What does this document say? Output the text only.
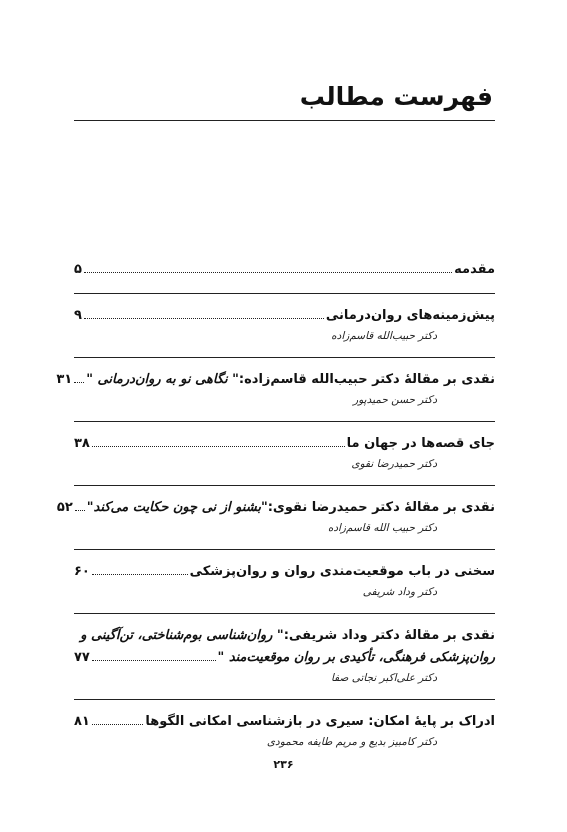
فهرست مطالب
مقدمه
۵
پیش‌زمینه‌های روان‌درمانی
۹
دکتر حبیب‌الله قاسم‌زاده
نقدی بر مقالهٔ دکتر حبیب‌الله قاسم‌زاده:
" نگاهی نو به روان‌درمانی "
۳۱
دکتر حسن حمیدپور
جای قصه‌ها در جهان ما
۳۸
دکتر حمیدرضا نقوی
نقدی بر مقالهٔ دکتر حمیدرضا نقوی:
"بشنو از نی چون حکایت می‌کند"
۵۲
دکتر حبیب الله قاسم‌زاده
سخنی در باب موقعیت‌مندی روان و روان‌پزشکی
۶۰
دکتر وداد شریفی
نقدی بر مقالهٔ دکتر وداد شریفی:
" روان‌شناسی بوم‌شناختی، تن‌آگینی و
روان‌پزشکی فرهنگی، تأکیدی بر روان موقعیت‌مند "
۷۷
دکتر علی‌اکبر نجاتی صفا
ادراک بر پایهٔ امکان: سیری در بازشناسی امکانی الگوها
۸۱
دکتر کامبیز بدیع و مریم طایفه محمودی
۲۳۶
